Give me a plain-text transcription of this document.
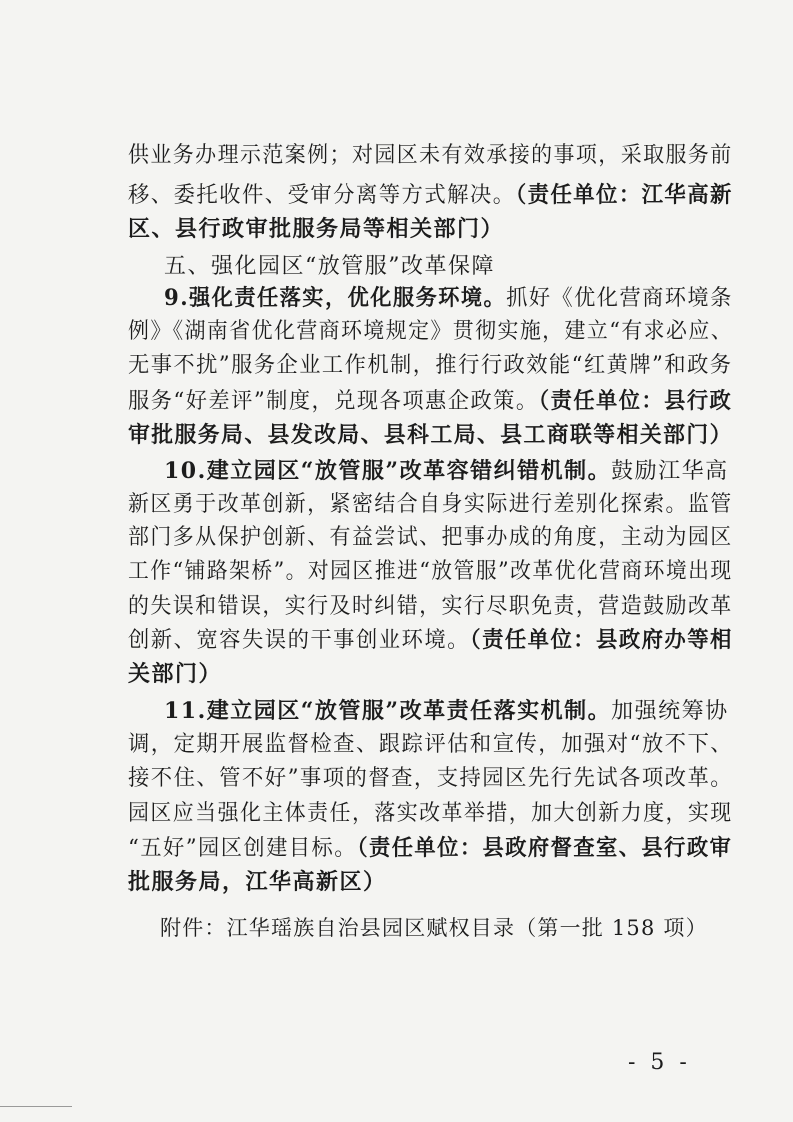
供业务办理示范案例；对园区未有效承接的事项，采取服务前
移、委托收件、受审分离等方式解决。（责任单位：江华高新
区、县行政审批服务局等相关部门）
五、强化园区“放管服”改革保障
9.强化责任落实，优化服务环境。抓好《优化营商环境条
例》《湖南省优化营商环境规定》贯彻实施，建立“有求必应、
无事不扰”服务企业工作机制，推行行政效能“红黄牌”和政务
服务“好差评”制度，兑现各项惠企政策。（责任单位：县行政
审批服务局、县发改局、县科工局、县工商联等相关部门）
10.建立园区“放管服”改革容错纠错机制。鼓励江华高
新区勇于改革创新，紧密结合自身实际进行差别化探索。监管
部门多从保护创新、有益尝试、把事办成的角度，主动为园区
工作“铺路架桥”。对园区推进“放管服”改革优化营商环境出现
的失误和错误，实行及时纠错，实行尽职免责，营造鼓励改革
创新、宽容失误的干事创业环境。（责任单位：县政府办等相
关部门）
11.建立园区“放管服”改革责任落实机制。加强统筹协
调，定期开展监督检查、跟踪评估和宣传，加强对“放不下、
接不住、管不好”事项的督查，支持园区先行先试各项改革。
园区应当强化主体责任，落实改革举措，加大创新力度，实现
“五好”园区创建目标。（责任单位：县政府督查室、县行政审
批服务局，江华高新区）
附件：江华瑶族自治县园区赋权目录（第一批 158 项）
- 5 -
